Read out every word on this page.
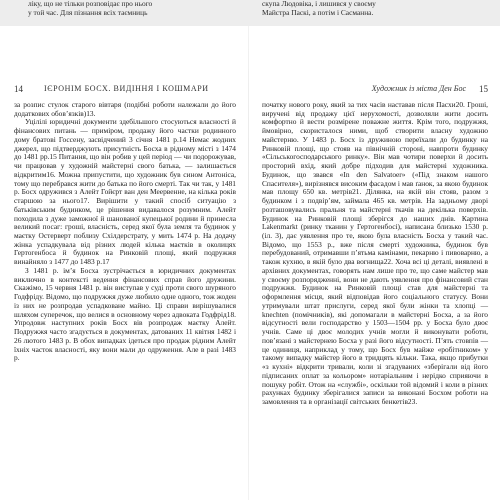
ліку, що не тільки розповідає про нього
у той час. Для пізнання всіх таємниць
скупа Людовіка, і лишився у своєму
Майстра Паскі, а потім і Сасманна.
14	ІЄРОНІМ БОСХ. ВИДІННЯ І КОШМАРИ	Художник із міста Ден Бос 15

за розпис стулок старого вівтаря (подібні роботи належали до його додаткових обов’язків)13.

Уцілілі юридичні документи здебільшого стосуються власності й фінансових питань — приміром, продажу його частки родинного дому братові Госсену, засвідчений 3 січня 1481 р.14 Немає жодних джерел, що підтверджують присутність Босха в рідному місті з 1474 до 1481 рр.15 Питання, що він робив у цей період — чи подорожував, чи працював у художній майстерні свого батька, — залишається відкритим16. Можна припустити, що художник був сином Антоніса, тому що перебрався жити до батька по його смерті. Так чи так, у 1481 р. Босх одружився з Алейт Гойєрт ван ден Меервенне, на кілька років старшою за нього17. Вирішити у такий спосіб ситуацію з батьківським будинком, це рішення видавалося розумним. Алейт походила з дуже заможної й шанованої купецької родини й принесла великий посаг: гроші, власність, серед якої була земля та будинок у маєтку Остерверт поблизу Схілдерстрату, у мить 1474 р. На додачу жінка успадкувала від різних людей кілька маєтків в околицях Гертогенбоса й будинок на Ринковій площі, який подружжя винайняло з 1477 до 1483 р.17

З 1481 р. ім’я Босха зустрічається в юридичних документах виключно в контексті ведення фінансових справ його дружини. Скажімо, 15 червня 1481 р. він виступав у суді проти свого шуряного Годфріду. Відомо, що подружжя дуже любило одне одного, тож жоден із них не розпродав успадковане майно. Ці справи вирішувалися шляхом суперечок, що велися в основному через адвоката Годфрід18. Упродовж наступних років Босх вів розпродаж маєтку Алейт. Подружжя часто згадується в документах, датованих 11 квітня 1482 і 26 лютого 1483 р. В обох випадках ідеться про продаж рідним Алейт їхніх часток власності, яку вони мали до одруження. Але в разі 1483 р.

початку нового року, який за тих часів наставав після Пасхи20. Гроші, виручені від продажу цієї нерухомості, дозволяли жити досить комфортно й вести розмірене поважне життя. Крім того, подружжя, ймовірно, скористалося ними, щоб створити власну художню майстерню. У 1483 р. Босх із дружиною переїхали до будинку на Ринковій площі, що стояв на північній стороні, навпроти будинку «Сільськогосподарського ринку». Він мав чотири поверхи й досить просторий вхід, який добре підходив для майстерні художника. Будинок, що звався «In den Salvatoer» («Під знаком нашого Спасителя»), вирізнявся високим фасадом і мав ґанок, за якою будинок мав площу 650 кв. метрів21. Ділянка, на якій він стояв, разом з будинком і з подвір’ям, займала 465 кв. метрів. На задньому дворі розташовувались пральня та майстерні ткачів на декілька поверхів. Будинок на Ринковій площі зберігся до наших днів. Картина Lakenmarkt (ринку тканин у Гертогенбосі), написана близько 1530 р. (іл. 3), дає уявлення про те, якою була власність Босха у такий час. Відомо, що 1553 р., вже після смерті художника, будинок був перебудований, отримавши п’ятьма камінами, пекарню і пивоварню, а також кухню, в якій було два вогнища22. Хоча всі ці деталі, виявлені в архівних документах, говорять нам лише про те, що саме майстер мав у своєму розпорядженні, вони не дають уявлення про фінансовий стан подружжя. Будинок на Ринковій площі став для майстерні та оформлення місця, який відповідав його соціального статусу. Вони утримували штат прислуги, серед якої були жінки та хлопці — knechten (помічників), які допомагали в майстерні Босха, а за його відсутності вели господарство у 1503—1504 рр. у Босха було двоє учнів. Саме ці двоє молодих учнів могли й виконувати роботи, пов’язані з майстернею Босха у разі його відсутності. П’ять стовпів — це одиниця, наприклад у тому, що Босх був майже «робітником» у такому випадку майстер його в тридцять кільки. Така, якщо прибутки «з кухні» відкрити тривали, коли зі згадуваних «зберігали від його підписаних оплат за кольором» нотаріальним і нерідко сприяючи в пошуку робіт. Отож на «службі», оскільки той відомий і коли в різних рахунках будинку зберігалися записи за виконані Босхом роботи на замовлення та в організації світських бенкетів23.
